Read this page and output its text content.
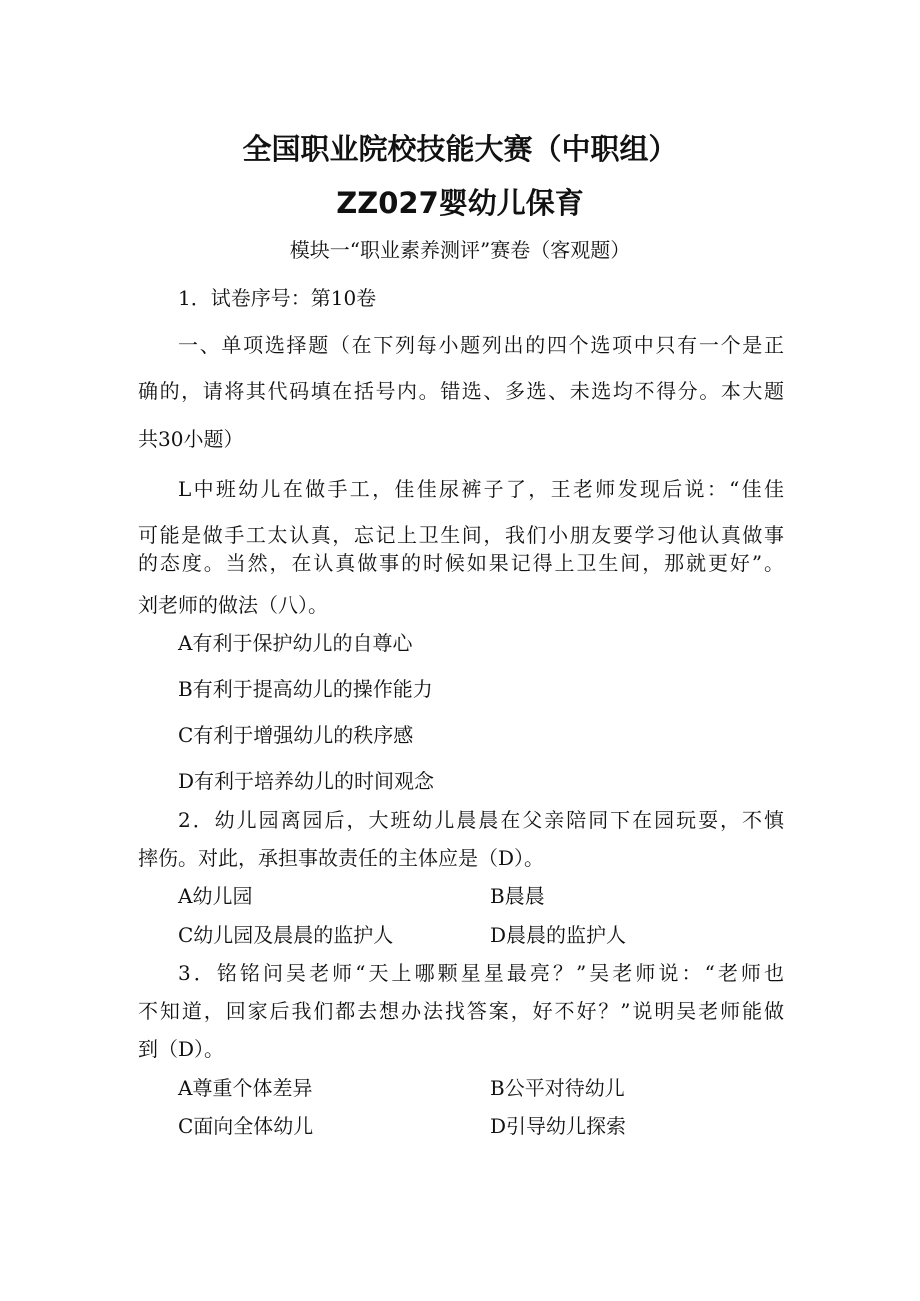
全国职业院校技能大赛（中职组）
ZZ027婴幼儿保育
模块一“职业素养测评”赛卷（客观题）
1．试卷序号：第10卷
一、单项选择题（在下列每小题列出的四个选项中只有一个是正
确的，请将其代码填在括号内。错选、多选、未选均不得分。本大题
共30小题）
L中班幼儿在做手工，佳佳尿裤子了，王老师发现后说：“佳佳
可能是做手工太认真，忘记上卫生间，我们小朋友要学习他认真做事
的态度。当然，在认真做事的时候如果记得上卫生间，那就更好”。
刘老师的做法（八）。
A有利于保护幼儿的自尊心
B有利于提高幼儿的操作能力
C有利于增强幼儿的秩序感
D有利于培养幼儿的时间观念
2．幼儿园离园后，大班幼儿晨晨在父亲陪同下在园玩耍，不慎
摔伤。对此，承担事故责任的主体应是（D）。
A幼儿园	B晨晨
C幼儿园及晨晨的监护人	D晨晨的监护人
3．铭铭问吴老师“天上哪颗星星最亮？”吴老师说：“老师也
不知道，回家后我们都去想办法找答案，好不好？”说明吴老师能做
到（D）。
A尊重个体差异	B公平对待幼儿
C面向全体幼儿	D引导幼儿探索
